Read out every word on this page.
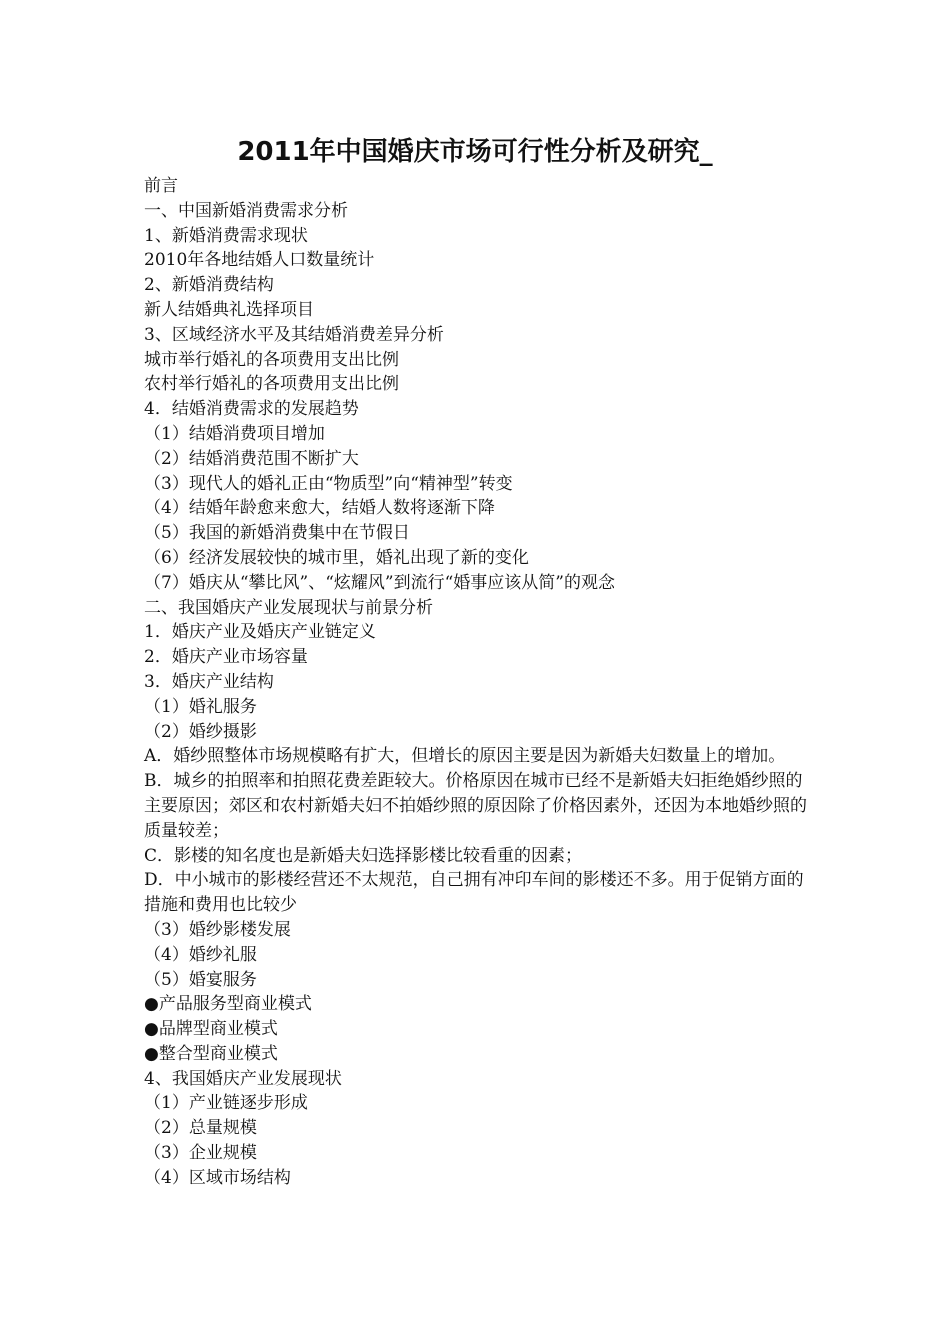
2011年中国婚庆市场可行性分析及研究_
前言
一、中国新婚消费需求分析
1、新婚消费需求现状
2010年各地结婚人口数量统计
2、新婚消费结构
新人结婚典礼选择项目
3、区域经济水平及其结婚消费差异分析
城市举行婚礼的各项费用支出比例
农村举行婚礼的各项费用支出比例
4．结婚消费需求的发展趋势
（1）结婚消费项目增加
（2）结婚消费范围不断扩大
（3）现代人的婚礼正由“物质型”向“精神型”转变
（4）结婚年龄愈来愈大，结婚人数将逐渐下降
（5）我国的新婚消费集中在节假日
（6）经济发展较快的城市里，婚礼出现了新的变化
（7）婚庆从“攀比风”、“炫耀风”到流行“婚事应该从简”的观念
二、我国婚庆产业发展现状与前景分析
1．婚庆产业及婚庆产业链定义
2．婚庆产业市场容量
3．婚庆产业结构
（1）婚礼服务
（2）婚纱摄影
A．婚纱照整体市场规模略有扩大，但增长的原因主要是因为新婚夫妇数量上的增加。
B．城乡的拍照率和拍照花费差距较大。价格原因在城市已经不是新婚夫妇拒绝婚纱照的主要原因；郊区和农村新婚夫妇不拍婚纱照的原因除了价格因素外，还因为本地婚纱照的质量较差；
C．影楼的知名度也是新婚夫妇选择影楼比较看重的因素；
D．中小城市的影楼经营还不太规范，自己拥有冲印车间的影楼还不多。用于促销方面的措施和费用也比较少
（3）婚纱影楼发展
（4）婚纱礼服
（5）婚宴服务
●产品服务型商业模式
●品牌型商业模式
●整合型商业模式
4、我国婚庆产业发展现状
（1）产业链逐步形成
（2）总量规模
（3）企业规模
（4）区域市场结构
